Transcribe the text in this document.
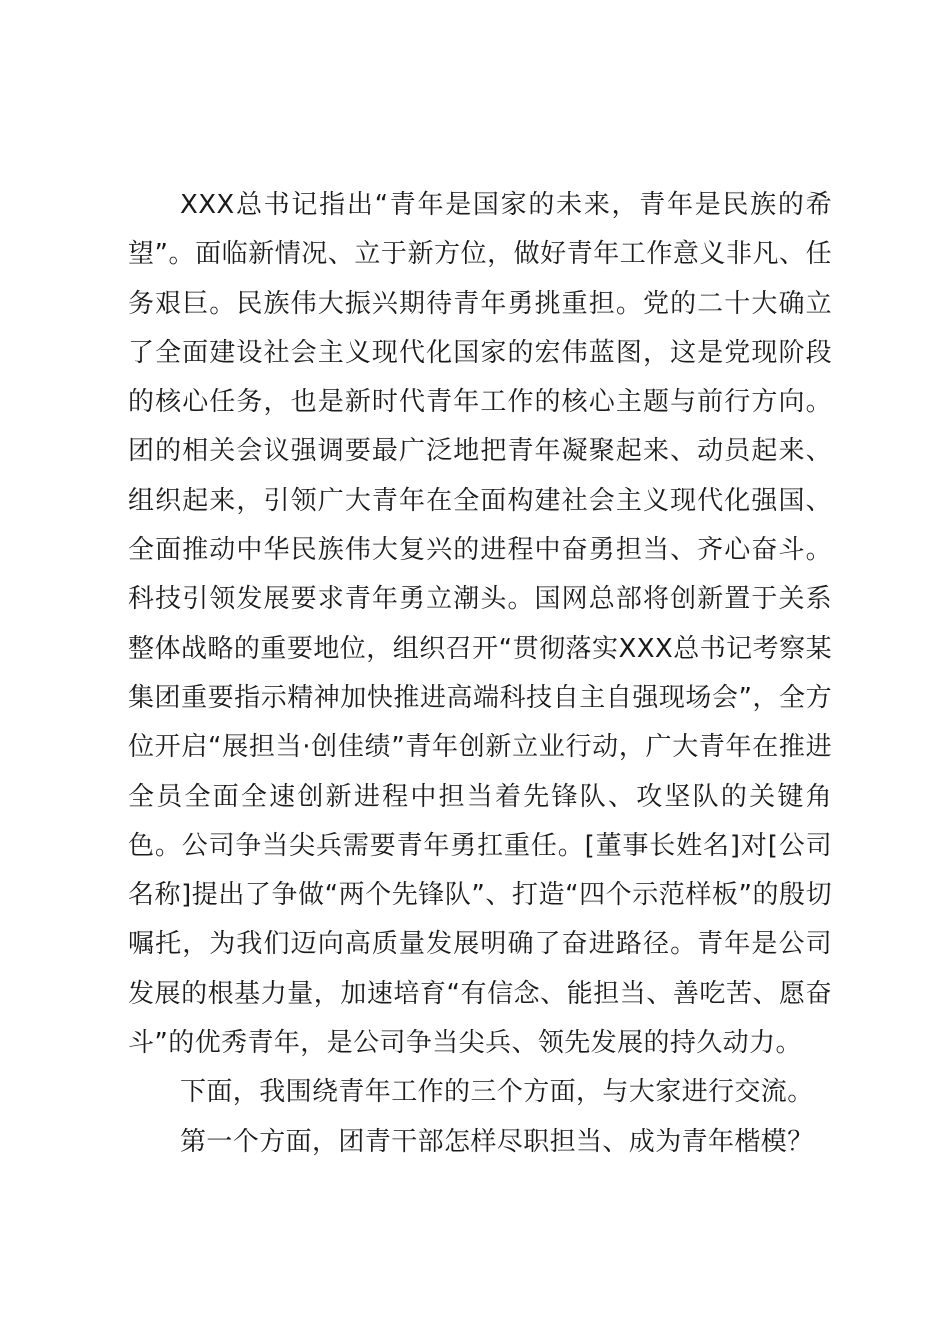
XXX总书记指出“青年是国家的未来，青年是民族的希望”。面临新情况、立于新方位，做好青年工作意义非凡、任务艰巨。民族伟大振兴期待青年勇挑重担。党的二十大确立了全面建设社会主义现代化国家的宏伟蓝图，这是党现阶段的核心任务，也是新时代青年工作的核心主题与前行方向。团的相关会议强调要最广泛地把青年凝聚起来、动员起来、组织起来，引领广大青年在全面构建社会主义现代化强国、全面推动中华民族伟大复兴的进程中奋勇担当、齐心奋斗。科技引领发展要求青年勇立潮头。国网总部将创新置于关系整体战略的重要地位，组织召开“贯彻落实XXX总书记考察某集团重要指示精神加快推进高端科技自主自强现场会”，全方位开启“展担当·创佳绩”青年创新立业行动，广大青年在推进全员全面全速创新进程中担当着先锋队、攻坚队的关键角色。公司争当尖兵需要青年勇扛重任。[董事长姓名]对[公司名称]提出了争做“两个先锋队”、打造“四个示范样板”的殷切嘱托，为我们迈向高质量发展明确了奋进路径。青年是公司发展的根基力量，加速培育“有信念、能担当、善吃苦、愿奋斗”的优秀青年，是公司争当尖兵、领先发展的持久动力。

下面，我围绕青年工作的三个方面，与大家进行交流。

第一个方面，团青干部怎样尽职担当、成为青年楷模？
